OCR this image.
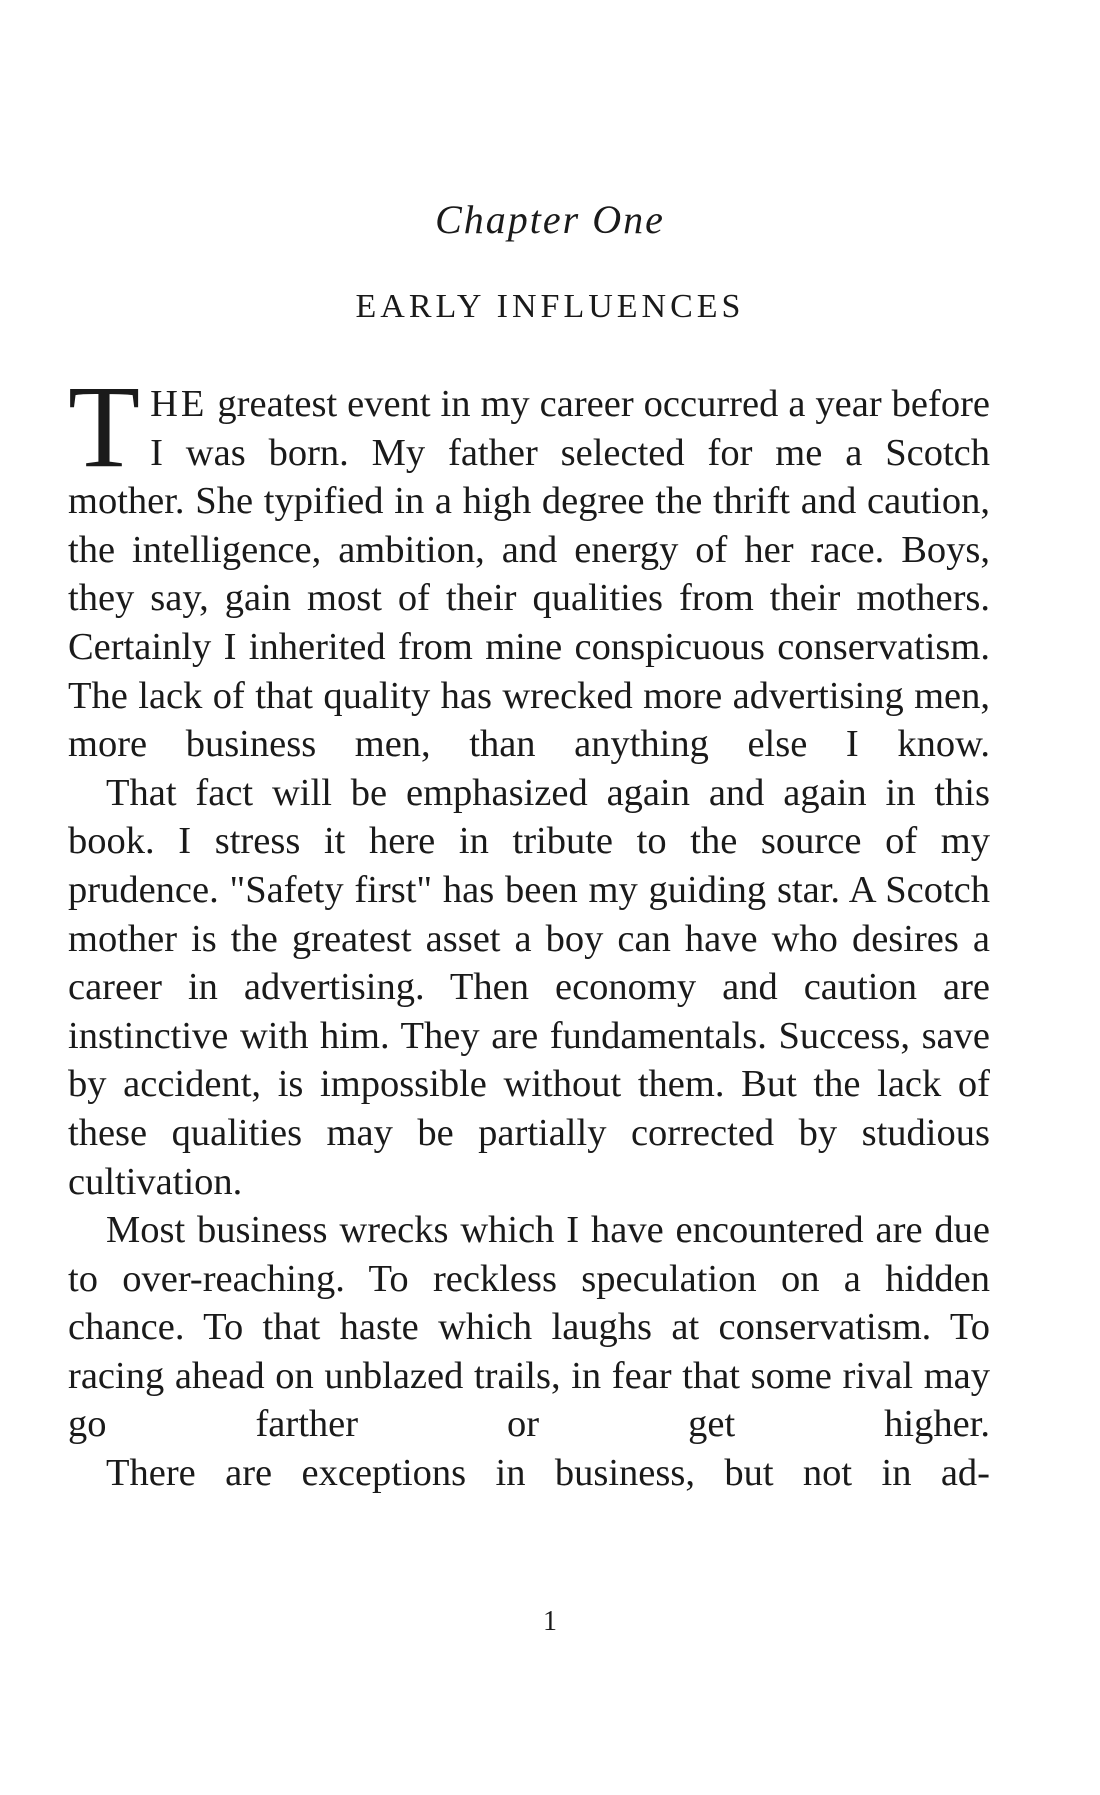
Chapter One
EARLY INFLUENCES

THE greatest event in my career occurred a year before I was born. My father selected for me a Scotch mother. She typified in a high degree the thrift and caution, the intelligence, ambition, and energy of her race. Boys, they say, gain most of their qualities from their mothers. Certainly I inherited from mine conspicuous conservatism. The lack of that quality has wrecked more advertising men, more business men, than anything else I know.

That fact will be emphasized again and again in this book. I stress it here in tribute to the source of my prudence. "Safety first" has been my guiding star. A Scotch mother is the greatest asset a boy can have who desires a career in advertising. Then economy and caution are instinctive with him. They are fundamentals. Success, save by accident, is impossible without them. But the lack of these qualities may be partially corrected by studious cultivation.

Most business wrecks which I have encountered are due to over-reaching. To reckless speculation on a hidden chance. To that haste which laughs at conservatism. To racing ahead on unblazed trails, in fear that some rival may go farther or get higher.

There are exceptions in business, but not in ad-

1
